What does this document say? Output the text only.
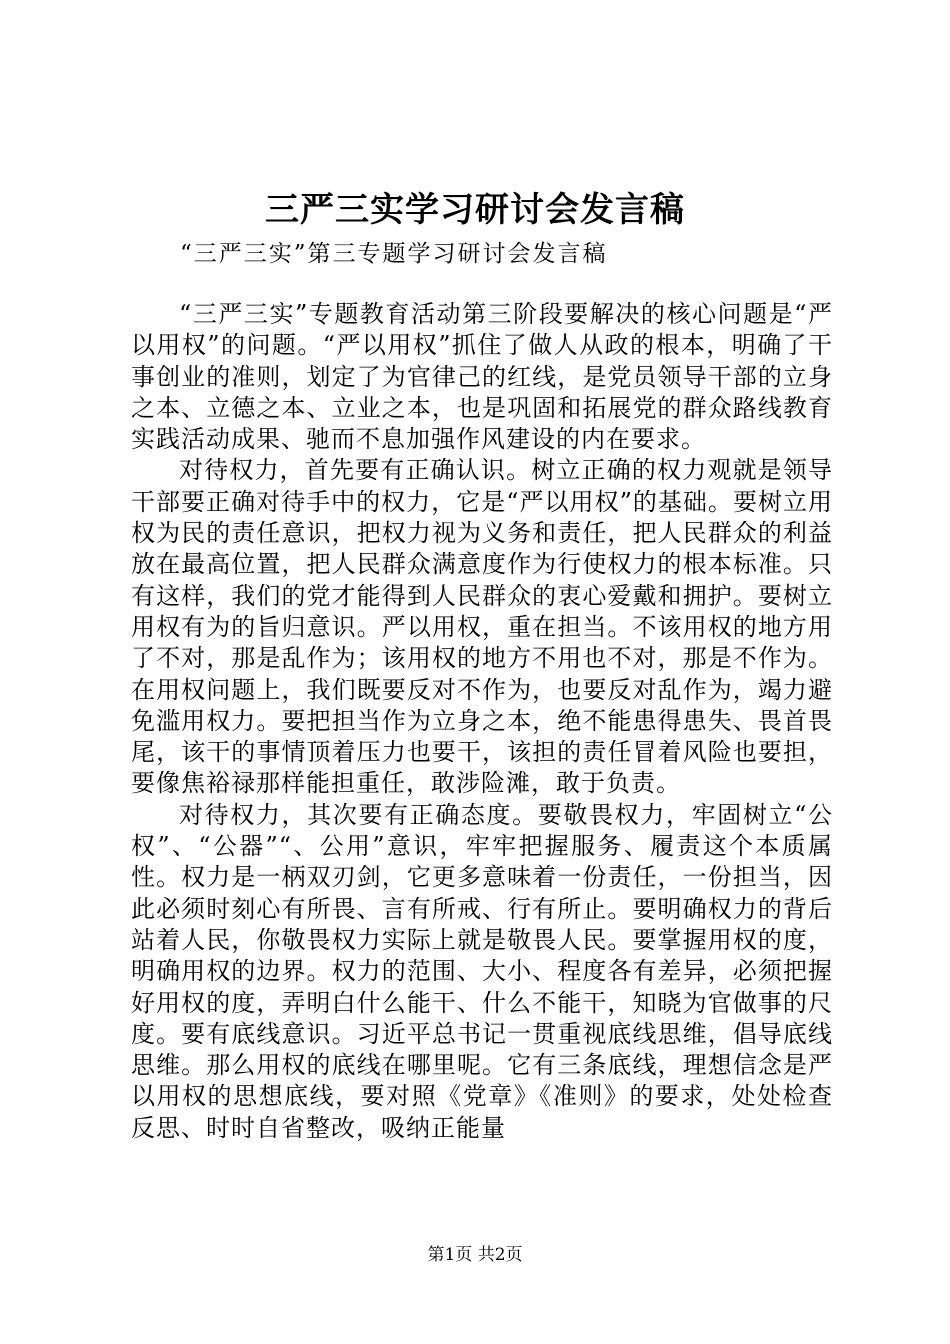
三严三实学习研讨会发言稿

“三严三实”第三专题学习研讨会发言稿

“三严三实”专题教育活动第三阶段要解决的核心问题是“严以用权”的问题。“严以用权”抓住了做人从政的根本，明确了干事创业的准则，划定了为官律己的红线，是党员领导干部的立身之本、立德之本、立业之本，也是巩固和拓展党的群众路线教育实践活动成果、驰而不息加强作风建设的内在要求。

对待权力，首先要有正确认识。树立正确的权力观就是领导干部要正确对待手中的权力，它是“严以用权”的基础。要树立用权为民的责任意识，把权力视为义务和责任，把人民群众的利益放在最高位置，把人民群众满意度作为行使权力的根本标准。只有这样，我们的党才能得到人民群众的衷心爱戴和拥护。要树立用权有为的旨归意识。严以用权，重在担当。不该用权的地方用了不对，那是乱作为；该用权的地方不用也不对，那是不作为。在用权问题上，我们既要反对不作为，也要反对乱作为，竭力避免滥用权力。要把担当作为立身之本，绝不能患得患失、畏首畏尾，该干的事情顶着压力也要干，该担的责任冒着风险也要担，要像焦裕禄那样能担重任，敢涉险滩，敢于负责。

对待权力，其次要有正确态度。要敬畏权力，牢固树立“公权”、“公器”“、公用”意识，牢牢把握服务、履责这个本质属性。权力是一柄双刃剑，它更多意味着一份责任，一份担当，因此必须时刻心有所畏、言有所戒、行有所止。要明确权力的背后站着人民，你敬畏权力实际上就是敬畏人民。要掌握用权的度，明确用权的边界。权力的范围、大小、程度各有差异，必须把握好用权的度，弄明白什么能干、什么不能干，知晓为官做事的尺度。要有底线意识。习近平总书记一贯重视底线思维，倡导底线思维。那么用权的底线在哪里呢。它有三条底线，理想信念是严以用权的思想底线，要对照《党章》《准则》的要求，处处检查反思、时时自省整改，吸纳正能量

第1页 共2页
